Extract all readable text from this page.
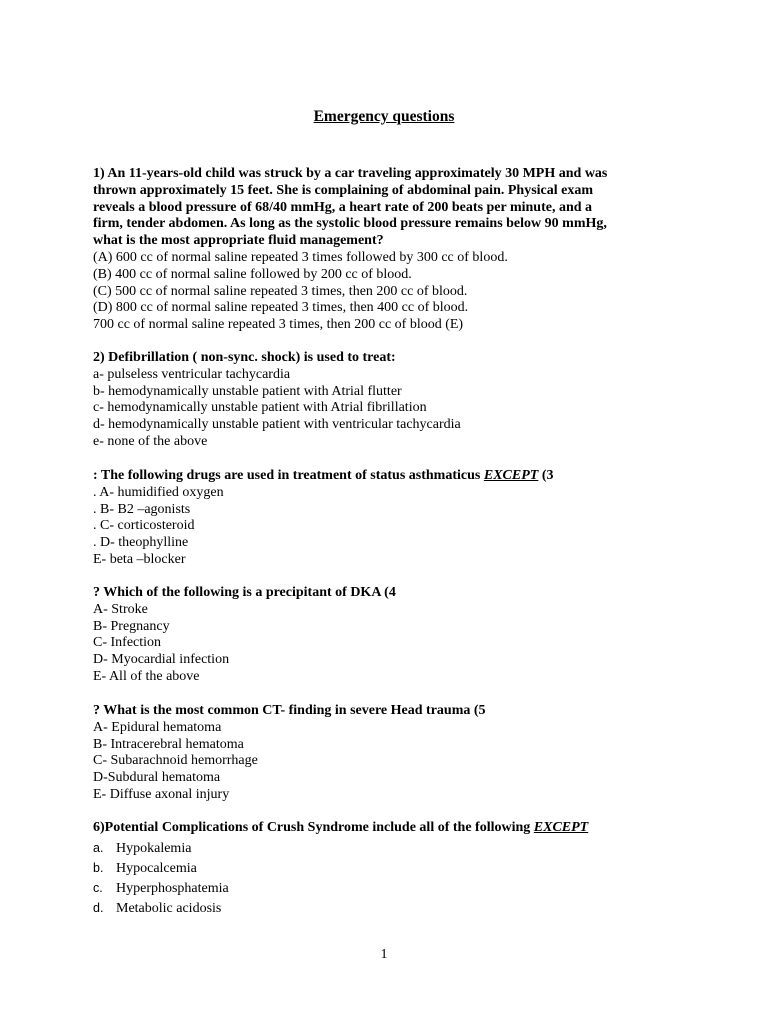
Emergency questions
1) An 11-years-old child was struck by a car traveling approximately 30 MPH and was
thrown approximately 15 feet. She is complaining of abdominal pain. Physical exam
reveals a blood pressure of 68/40 mmHg, a heart rate of 200 beats per minute, and a
firm, tender abdomen. As long as the systolic blood pressure remains below 90 mmHg,
what is the most appropriate fluid management?
(A) 600 cc of normal saline repeated 3 times followed by 300 cc of blood.
(B) 400 cc of normal saline followed by 200 cc of blood.
(C) 500 cc of normal saline repeated 3 times, then 200 cc of blood.
(D) 800 cc of normal saline repeated 3 times, then 400 cc of blood.
700 cc of normal saline repeated 3 times, then 200 cc of blood (E)
2) Defibrillation ( non-sync. shock) is used to treat:
a- pulseless ventricular tachycardia
b- hemodynamically unstable patient with Atrial flutter
c- hemodynamically unstable patient with Atrial fibrillation
d- hemodynamically unstable patient with ventricular tachycardia
e- none of the above
: The following drugs are used in treatment of status asthmaticus EXCEPT (3
. A- humidified oxygen
. B- B2 –agonists
. C- corticosteroid
. D- theophylline
E- beta –blocker
? Which of the following is a precipitant of DKA (4
A- Stroke
B- Pregnancy
C- Infection
D- Myocardial infection
E- All of the above
? What is the most common CT- finding in severe Head trauma (5
A- Epidural hematoma
B- Intracerebral hematoma
C- Subarachnoid hemorrhage
D-Subdural hematoma
E- Diffuse axonal injury
6)Potential Complications of Crush Syndrome include all of the following EXCEPT
a. Hypokalemia
b. Hypocalcemia
c. Hyperphosphatemia
d. Metabolic acidosis
1
